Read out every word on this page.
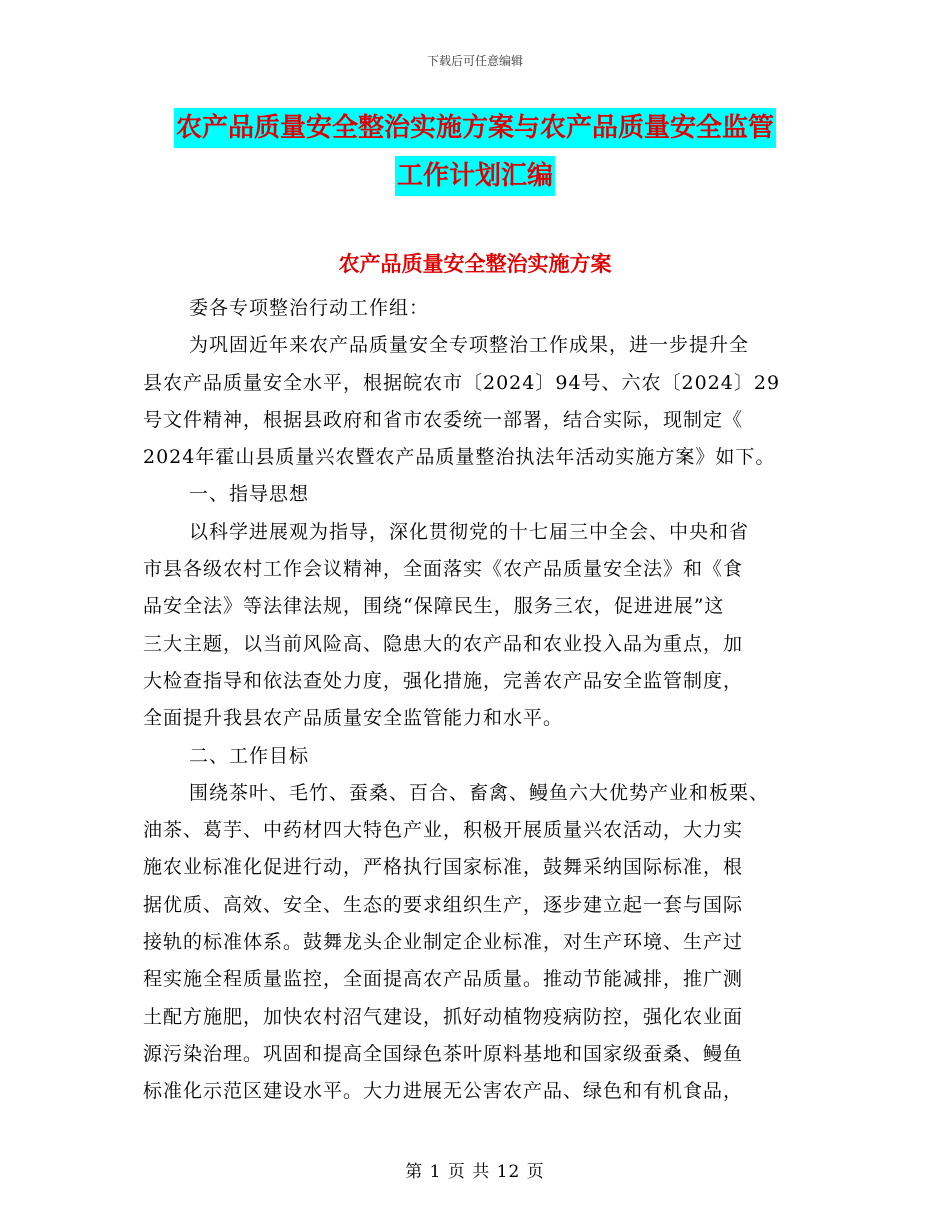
下载后可任意编辑
农产品质量安全整治实施方案与农产品质量安全监管
工作计划汇编
农产品质量安全整治实施方案
委各专项整治行动工作组：
为巩固近年来农产品质量安全专项整治工作成果，进一步提升全
县农产品质量安全水平，根据皖农市〔2024〕94号、六农〔2024〕29
号文件精神，根据县政府和省市农委统一部署，结合实际，现制定《
2024年霍山县质量兴农暨农产品质量整治执法年活动实施方案》如下。
一、指导思想
以科学进展观为指导，深化贯彻党的十七届三中全会、中央和省
市县各级农村工作会议精神，全面落实《农产品质量安全法》和《食
品安全法》等法律法规，围绕“保障民生，服务三农，促进进展”这
三大主题，以当前风险高、隐患大的农产品和农业投入品为重点，加
大检查指导和依法查处力度，强化措施，完善农产品安全监管制度，
全面提升我县农产品质量安全监管能力和水平。
二、工作目标
围绕茶叶、毛竹、蚕桑、百合、畜禽、鳗鱼六大优势产业和板栗、
油茶、葛芋、中药材四大特色产业，积极开展质量兴农活动，大力实
施农业标准化促进行动，严格执行国家标准，鼓舞采纳国际标准，根
据优质、高效、安全、生态的要求组织生产，逐步建立起一套与国际
接轨的标准体系。鼓舞龙头企业制定企业标准，对生产环境、生产过
程实施全程质量监控，全面提高农产品质量。推动节能减排，推广测
土配方施肥，加快农村沼气建设，抓好动植物疫病防控，强化农业面
源污染治理。巩固和提高全国绿色茶叶原料基地和国家级蚕桑、鳗鱼
标准化示范区建设水平。大力进展无公害农产品、绿色和有机食品，
第 1 页 共 12 页
